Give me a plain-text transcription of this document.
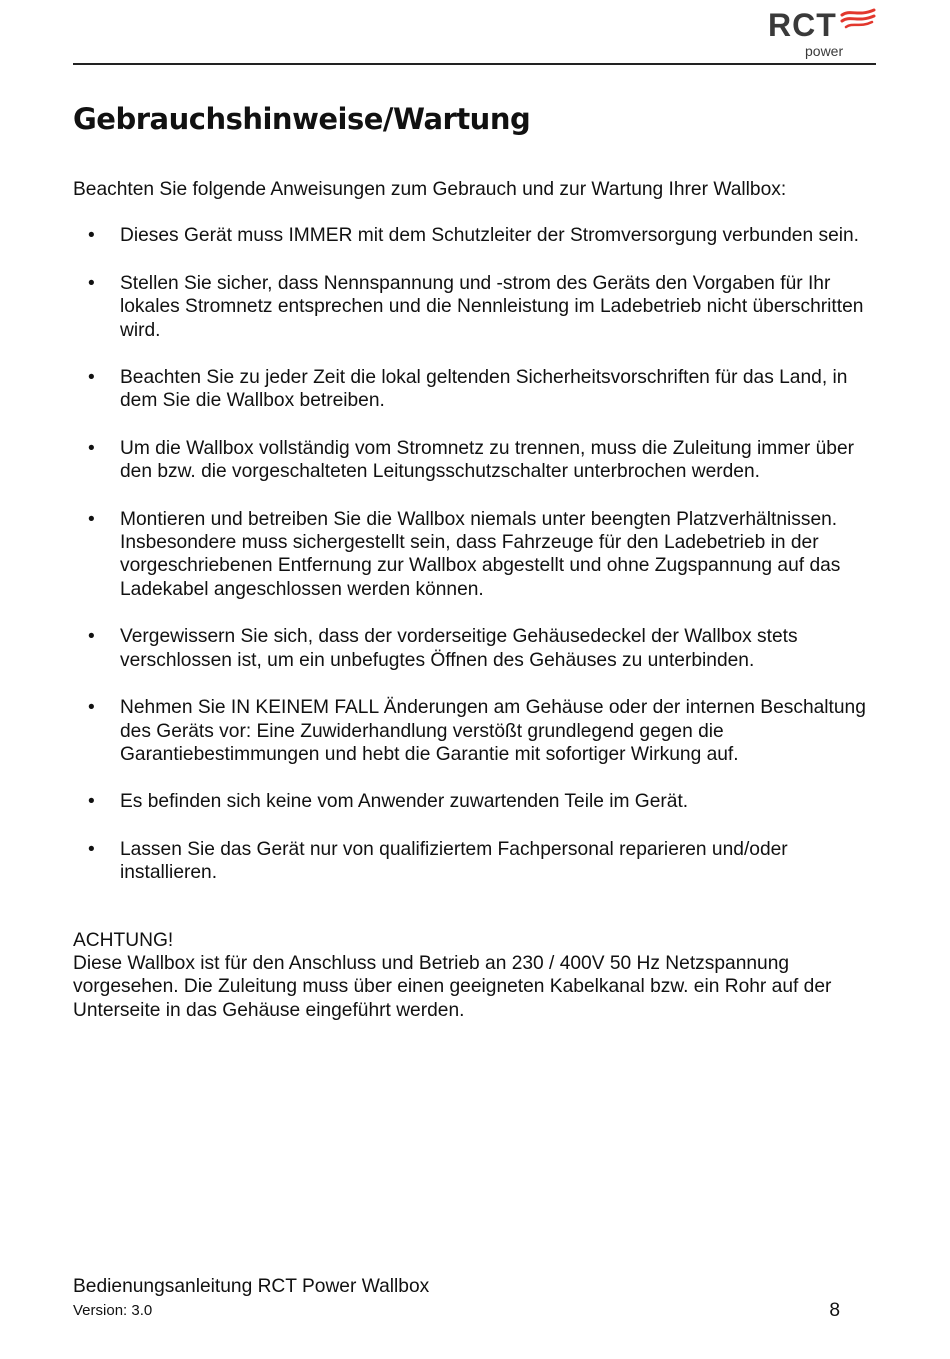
RCT
power
Gebrauchshinweise/Wartung

Beachten Sie folgende Anweisungen zum Gebrauch und zur Wartung Ihrer Wallbox:

• Dieses Gerät muss IMMER mit dem Schutzleiter der Stromversorgung verbunden sein.
• Stellen Sie sicher, dass Nennspannung und -strom des Geräts den Vorgaben für Ihr lokales Stromnetz entsprechen und die Nennleistung im Ladebetrieb nicht überschritten wird.
• Beachten Sie zu jeder Zeit die lokal geltenden Sicherheitsvorschriften für das Land, in dem Sie die Wallbox betreiben.
• Um die Wallbox vollständig vom Stromnetz zu trennen, muss die Zuleitung immer über den bzw. die vorgeschalteten Leitungsschutzschalter unterbrochen werden.
• Montieren und betreiben Sie die Wallbox niemals unter beengten Platzverhältnissen. Insbesondere muss sichergestellt sein, dass Fahrzeuge für den Ladebetrieb in der vorgeschriebenen Entfernung zur Wallbox abgestellt und ohne Zugspannung auf das Ladekabel angeschlossen werden können.
• Vergewissern Sie sich, dass der vorderseitige Gehäusedeckel der Wallbox stets verschlossen ist, um ein unbefugtes Öffnen des Gehäuses zu unterbinden.
• Nehmen Sie IN KEINEM FALL Änderungen am Gehäuse oder der internen Beschaltung des Geräts vor: Eine Zuwiderhandlung verstößt grundlegend gegen die Garantiebestimmungen und hebt die Garantie mit sofortiger Wirkung auf.
• Es befinden sich keine vom Anwender zuwartenden Teile im Gerät.
• Lassen Sie das Gerät nur von qualifiziertem Fachpersonal reparieren und/oder installieren.

ACHTUNG!

Diese Wallbox ist für den Anschluss und Betrieb an 230 / 400V 50 Hz Netzspannung vorgesehen. Die Zuleitung muss über einen geeigneten Kabelkanal bzw. ein Rohr auf der Unterseite in das Gehäuse eingeführt werden.

Bedienungsanleitung RCT Power Wallbox
Version: 3.0	8
